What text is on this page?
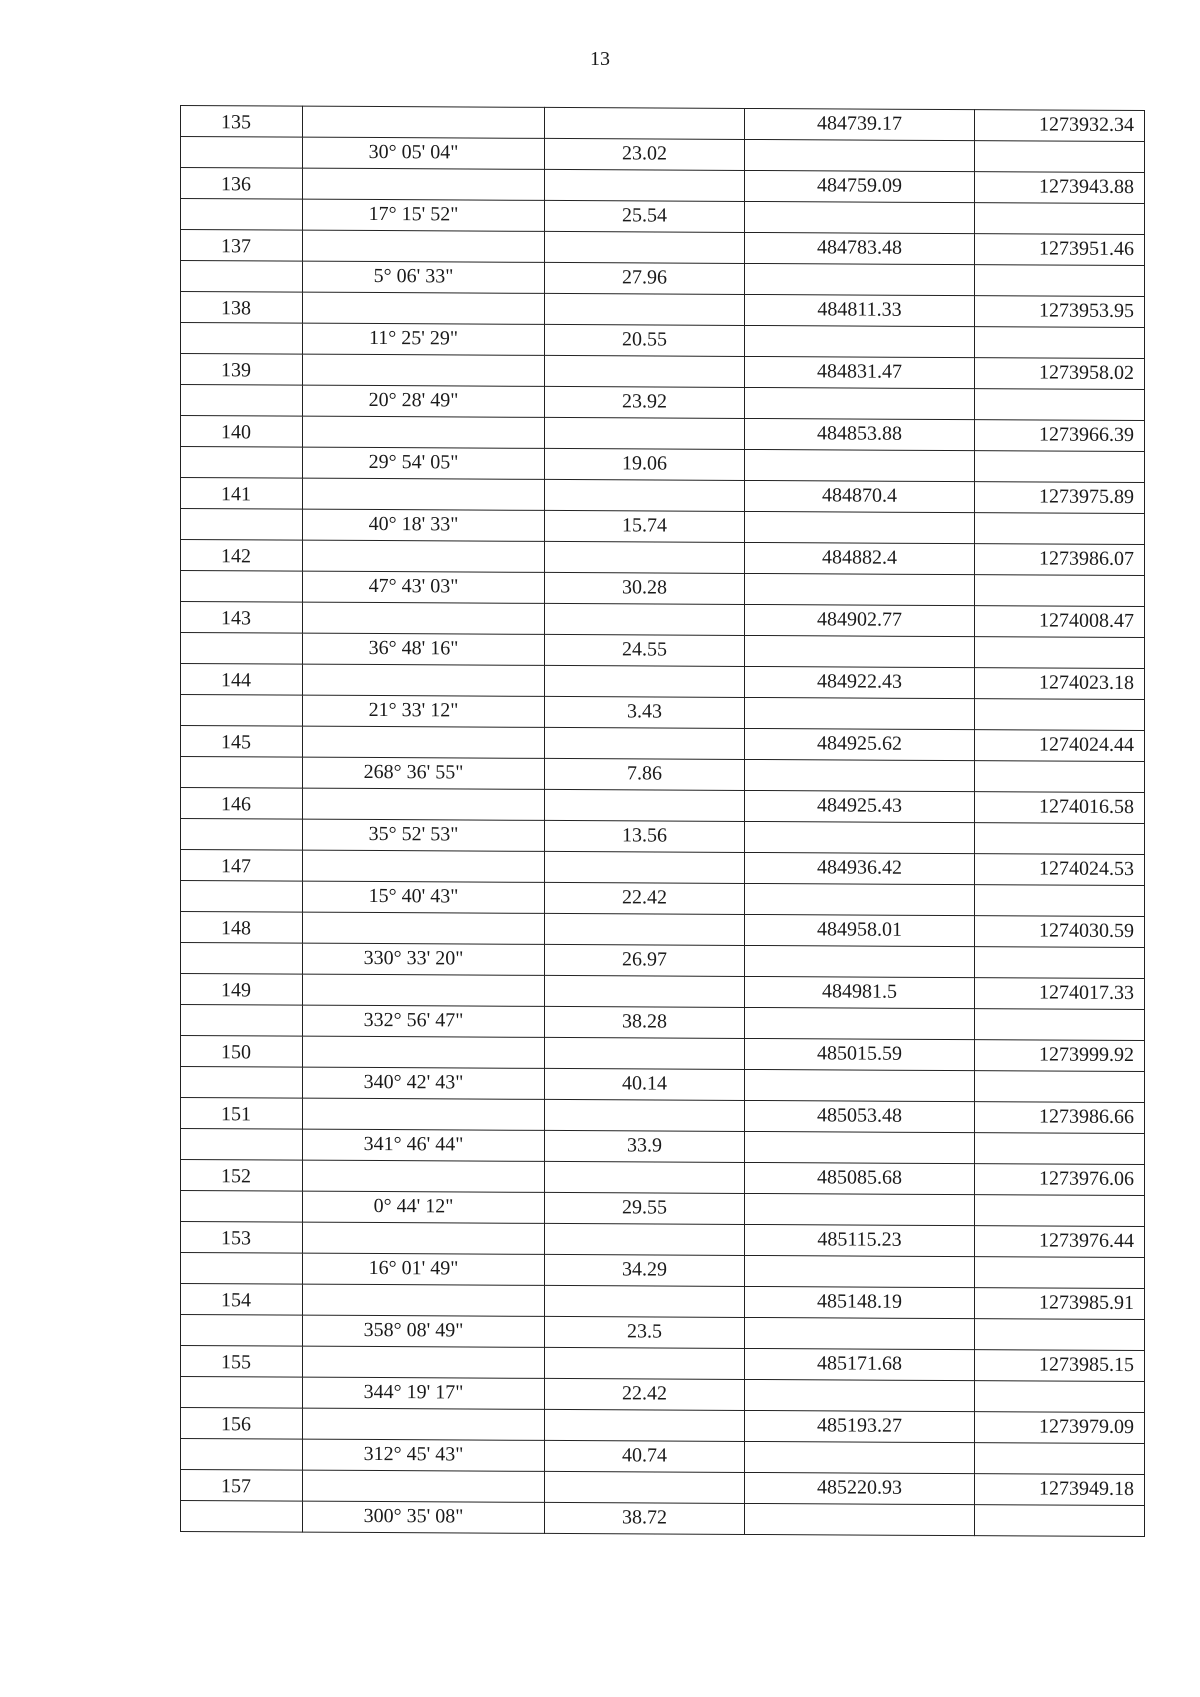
13
135			484739.17	1273932.34
	30° 05' 04"	23.02		
136			484759.09	1273943.88
	17° 15' 52"	25.54		
137			484783.48	1273951.46
	5° 06' 33"	27.96		
138			484811.33	1273953.95
	11° 25' 29"	20.55		
139			484831.47	1273958.02
	20° 28' 49"	23.92		
140			484853.88	1273966.39
	29° 54' 05"	19.06		
141			484870.4	1273975.89
	40° 18' 33"	15.74		
142			484882.4	1273986.07
	47° 43' 03"	30.28		
143			484902.77	1274008.47
	36° 48' 16"	24.55		
144			484922.43	1274023.18
	21° 33' 12"	3.43		
145			484925.62	1274024.44
	268° 36' 55"	7.86		
146			484925.43	1274016.58
	35° 52' 53"	13.56		
147			484936.42	1274024.53
	15° 40' 43"	22.42		
148			484958.01	1274030.59
	330° 33' 20"	26.97		
149			484981.5	1274017.33
	332° 56' 47"	38.28		
150			485015.59	1273999.92
	340° 42' 43"	40.14		
151			485053.48	1273986.66
	341° 46' 44"	33.9		
152			485085.68	1273976.06
	0° 44' 12"	29.55		
153			485115.23	1273976.44
	16° 01' 49"	34.29		
154			485148.19	1273985.91
	358° 08' 49"	23.5		
155			485171.68	1273985.15
	344° 19' 17"	22.42		
156			485193.27	1273979.09
	312° 45' 43"	40.74		
157			485220.93	1273949.18
	300° 35' 08"	38.72		
